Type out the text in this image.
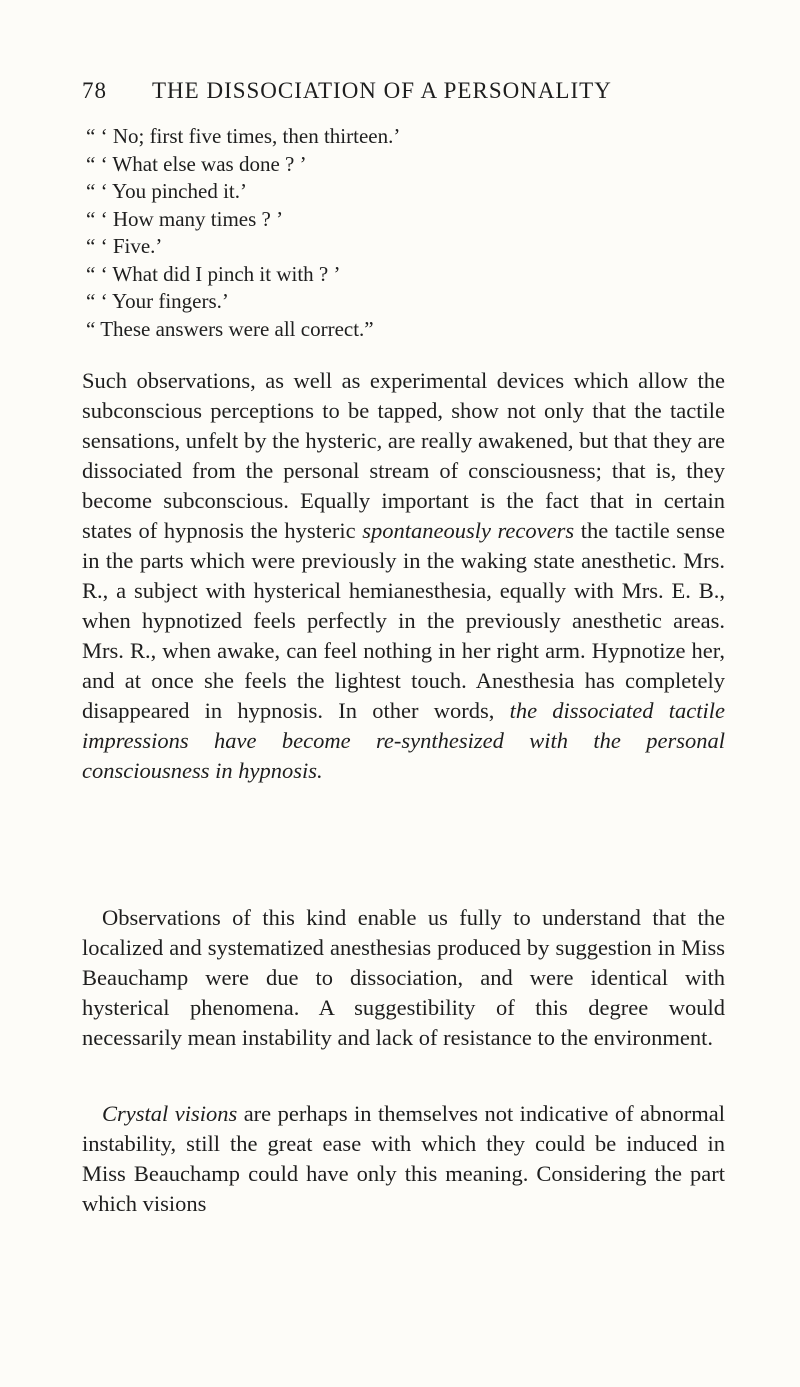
78 THE DISSOCIATION OF A PERSONALITY
“ ‘ No; first five times, then thirteen.’
“ ‘ What else was done ? ’
“ ‘ You pinched it.’
“ ‘ How many times ? ’
“ ‘ Five.’
“ ‘ What did I pinch it with ? ’
“ ‘ Your fingers.’
“ These answers were all correct.”

Such observations, as well as experimental devices which allow the subconscious perceptions to be tapped, show not only that the tactile sensations, unfelt by the hysteric, are really awakened, but that they are dissociated from the personal stream of consciousness; that is, they become subconscious. Equally important is the fact that in certain states of hypnosis the hysteric spontaneously recovers the tactile sense in the parts which were previously in the waking state anesthetic. Mrs. R., a subject with hysterical hemianesthesia, equally with Mrs. E. B., when hypnotized feels perfectly in the previously anesthetic areas. Mrs. R., when awake, can feel nothing in her right arm. Hypnotize her, and at once she feels the lightest touch. Anesthesia has completely disappeared in hypnosis. In other words, the dissociated tactile impressions have become re-synthesized with the personal consciousness in hypnosis.

Observations of this kind enable us fully to understand that the localized and systematized anesthesias produced by suggestion in Miss Beauchamp were due to dissociation, and were identical with hysterical phenomena. A suggestibility of this degree would necessarily mean instability and lack of resistance to the environment.

Crystal visions are perhaps in themselves not indicative of abnormal instability, still the great ease with which they could be induced in Miss Beauchamp could have only this meaning. Considering the part which visions
